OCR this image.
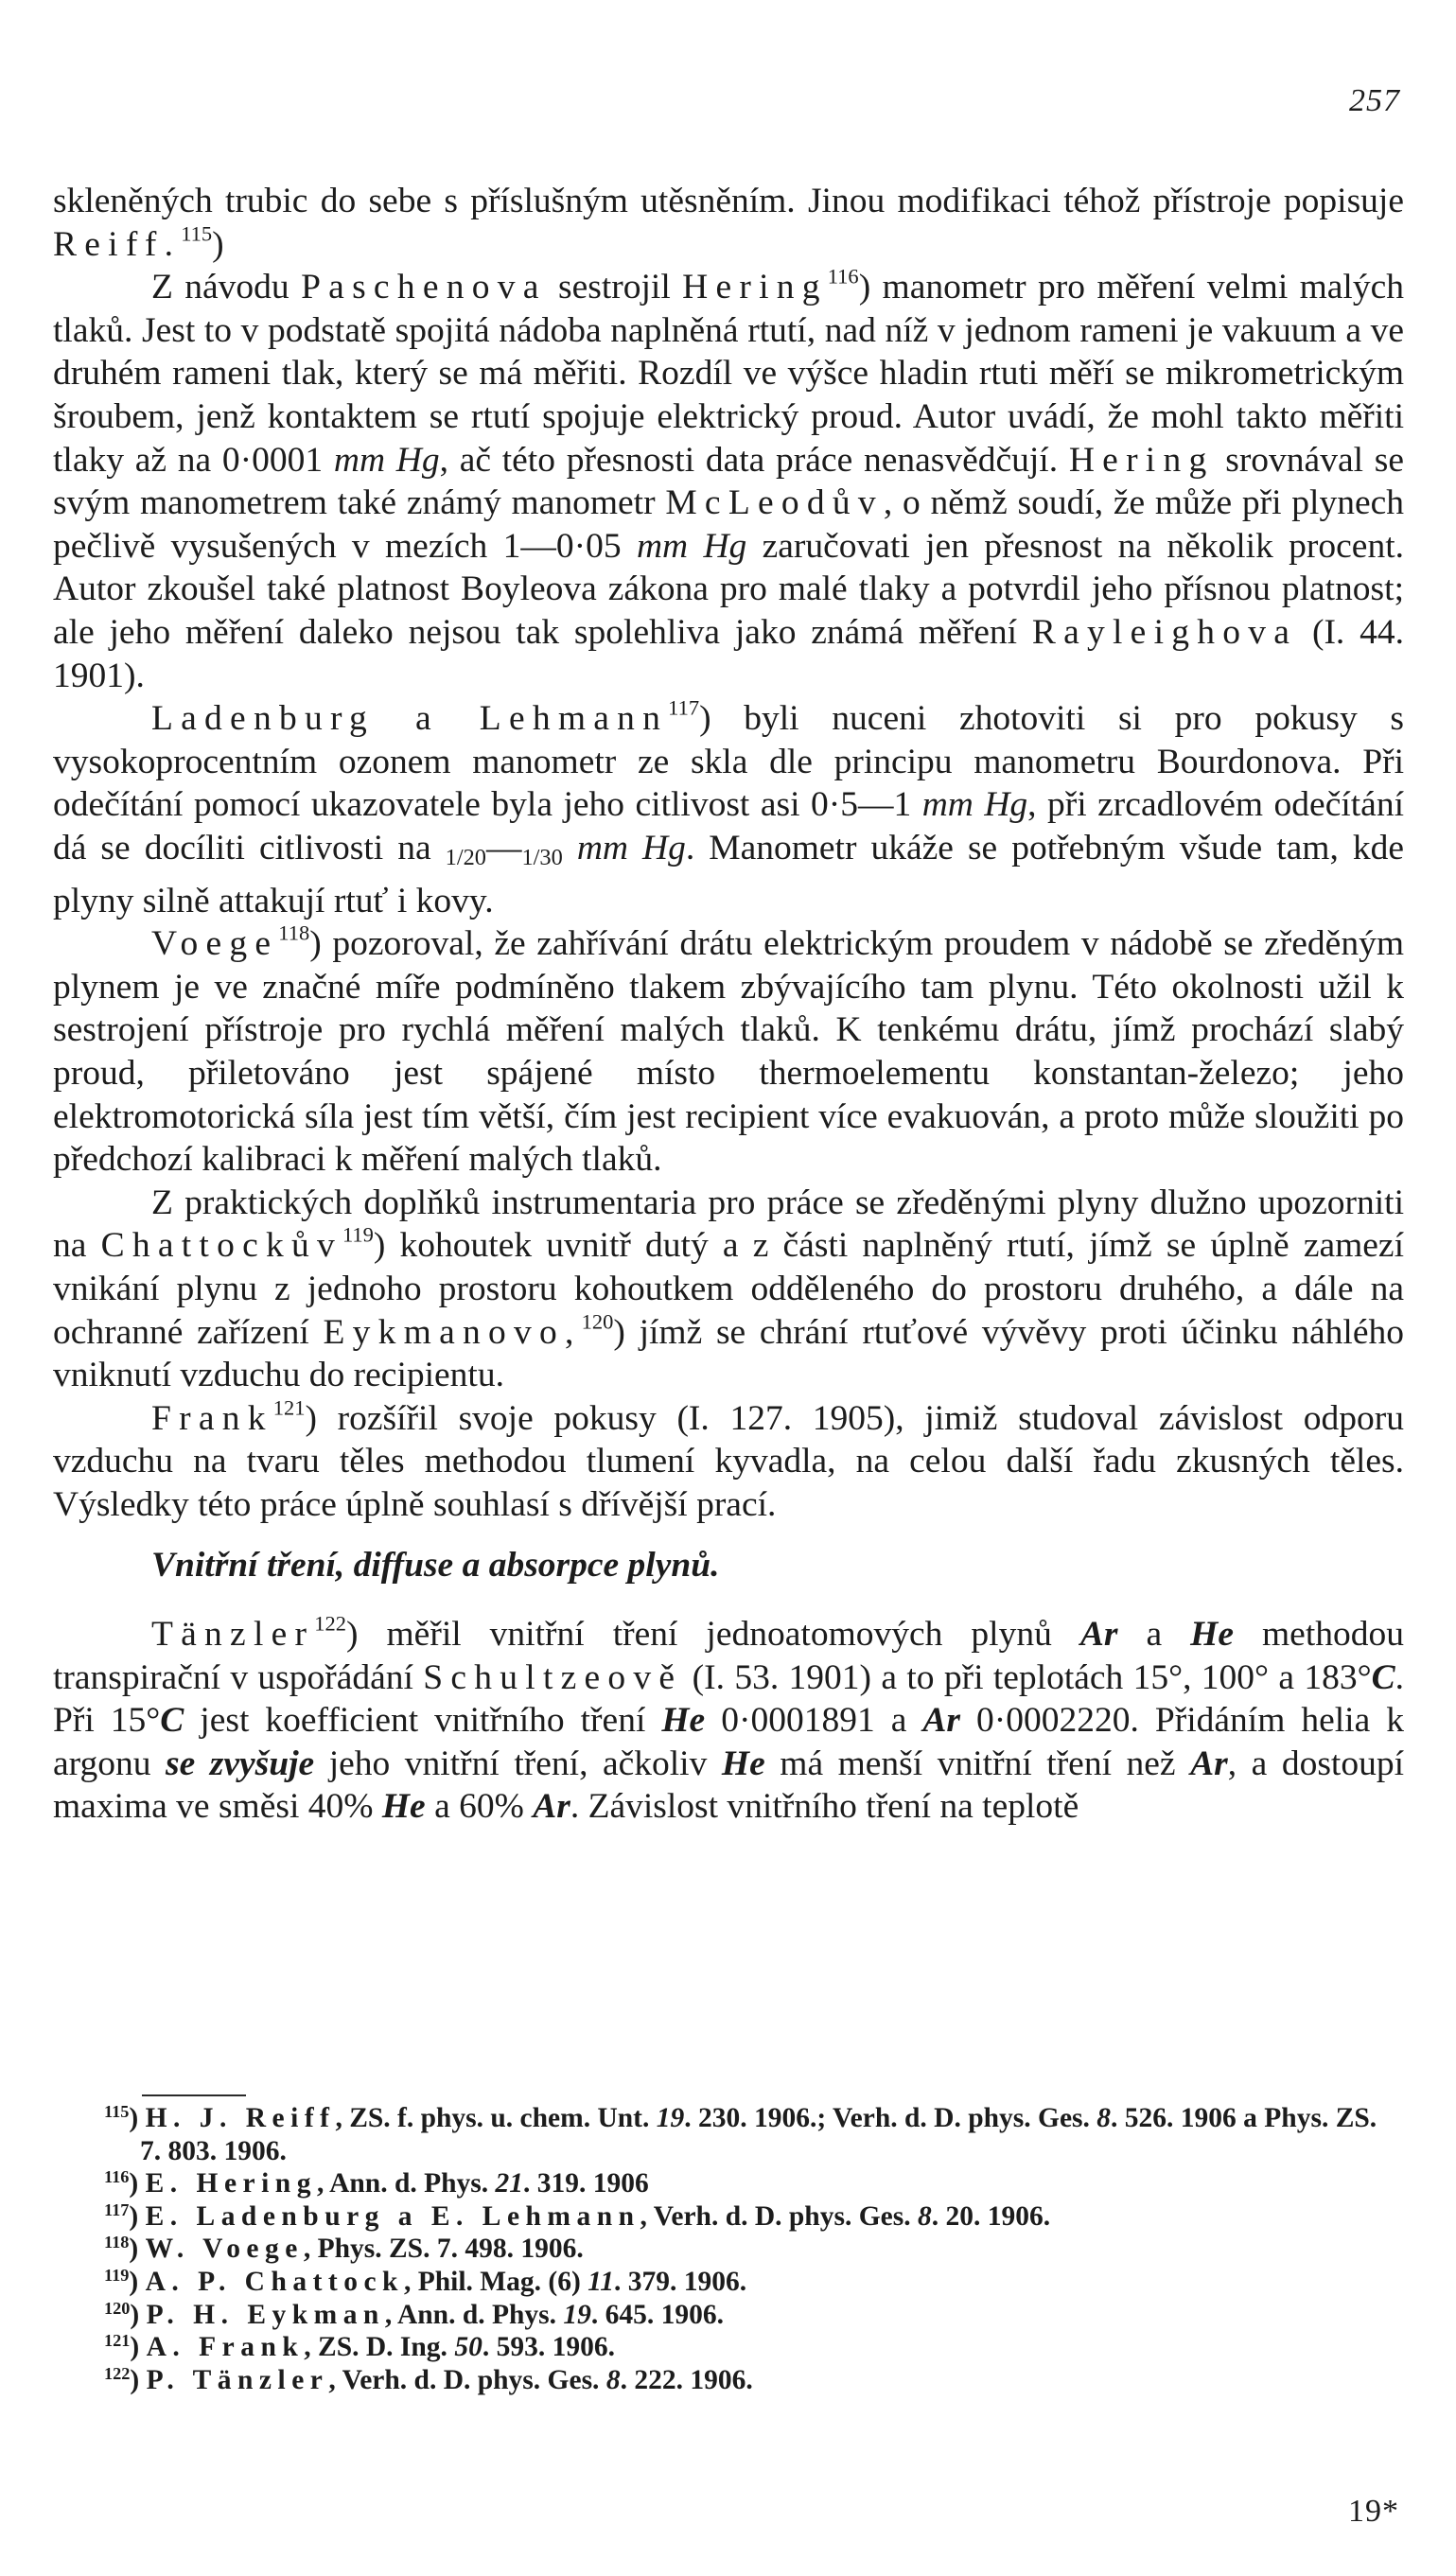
257

skleněných trubic do sebe s příslušným utěsněním. Jinou modifikaci téhož přístroje popisuje Reiff.$^{115}$)

Z návodu Paschenova sestrojil Hering$^{116}$) manometr pro měření velmi malých tlaků. Jest to v podstatě spojitá nádoba naplněná rtutí, nad níž v jednom rameni je vakuum a ve druhém rameni tlak, který se má měřiti. Rozdíl ve výšce hladin rtuti měří se mikrometrickým šroubem, jenž kontaktem se rtutí spojuje elektrický proud. Autor uvádí, že mohl takto měřiti tlaky až na 0·0001 mm Hg, ač této přesnosti data práce nenasvědčují. Hering srovnával se svým manometrem také známý manometr McLeodův, o němž soudí, že může při plynech pečlivě vysušených v mezích 1—0·05 mm Hg zaručovati jen přesnost na několik procent. Autor zkoušel také platnost Boyleova zákona pro malé tlaky a potvrdil jeho přísnou platnost; ale jeho měření daleko nejsou tak spolehliva jako známá měření Rayleighova (I. 44. 1901).

Ladenburg a Lehmann$^{117}$) byli nuceni zhotoviti si pro pokusy s vysokoprocentním ozonem manometr ze skla dle principu manometru Bourdonova. Při odečítání pomocí ukazovatele byla jeho citlivost asi 0·5—1 mm Hg, při zrcadlovém odečítání dá se docíliti citlivosti na 1/20—1/30 mm Hg. Manometr ukáže se potřebným všude tam, kde plyny silně attakují rtuť i kovy.

Voege$^{118}$) pozoroval, že zahřívání drátu elektrickým proudem v nádobě se zředěným plynem je ve značné míře podmíněno tlakem zbývajícího tam plynu. Této okolnosti užil k sestrojení přístroje pro rychlá měření malých tlaků. K tenkému drátu, jímž prochází slabý proud, přiletováno jest spájené místo thermoelementu konstantan-železo; jeho elektromotorická síla jest tím větší, čím jest recipient více evakuován, a proto může sloužiti po předchozí kalibraci k měření malých tlaků.

Z praktických doplňků instrumentaria pro práce se zředěnými plyny dlužno upozorniti na Chattockův$^{119}$) kohoutek uvnitř dutý a z části naplněný rtutí, jímž se úplně zamezí vnikání plynu z jednoho prostoru kohoutkem odděleného do prostoru druhého, a dále na ochranné zařízení Eykmanovo,$^{120}$) jímž se chrání rtuťové vývěvy proti účinku náhlého vniknutí vzduchu do recipientu.

Frank$^{121}$) rozšířil svoje pokusy (I. 127. 1905), jimiž studoval závislost odporu vzduchu na tvaru těles methodou tlumení kyvadla, na celou další řadu zkusných těles. Výsledky této práce úplně souhlasí s dřívější prací.

Vnitřní tření, diffuse a absorpce plynů.

Tänzler$^{122}$) měřil vnitřní tření jednoatomových plynů Ar a He methodou transpirační v uspořádání Schultzeově (I. 53. 1901) a to při teplotách 15°, 100° a 183°C. Při 15°C jest koefficient vnitřního tření He 0·0001891 a Ar 0·0002220. Přidáním helia k argonu se zvyšuje jeho vnitřní tření, ačkoliv He má menší vnitřní tření než Ar, a dostoupí maxima ve směsi 40% He a 60% Ar. Závislost vnitřního tření na teplotě

$^{115}$) H. J. Reiff, ZS. f. phys. u. chem. Unt. 19. 230. 1906.; Verh. d. D. phys. Ges. 8. 526. 1906 a Phys. ZS. 7. 803. 1906.

$^{116}$) E. Hering, Ann. d. Phys. 21. 319. 1906

$^{117}$) E. Ladenburg a E. Lehmann, Verh. d. D. phys. Ges. 8. 20. 1906.

$^{118}$) W. Voege, Phys. ZS. 7. 498. 1906.

$^{119}$) A. P. Chattock, Phil. Mag. (6) 11. 379. 1906.

$^{120}$) P. H. Eykman, Ann. d. Phys. 19. 645. 1906.

$^{121}$) A. Frank, ZS. D. Ing. 50. 593. 1906.

$^{122}$) P. Tänzler, Verh. d. D. phys. Ges. 8. 222. 1906.

19*
